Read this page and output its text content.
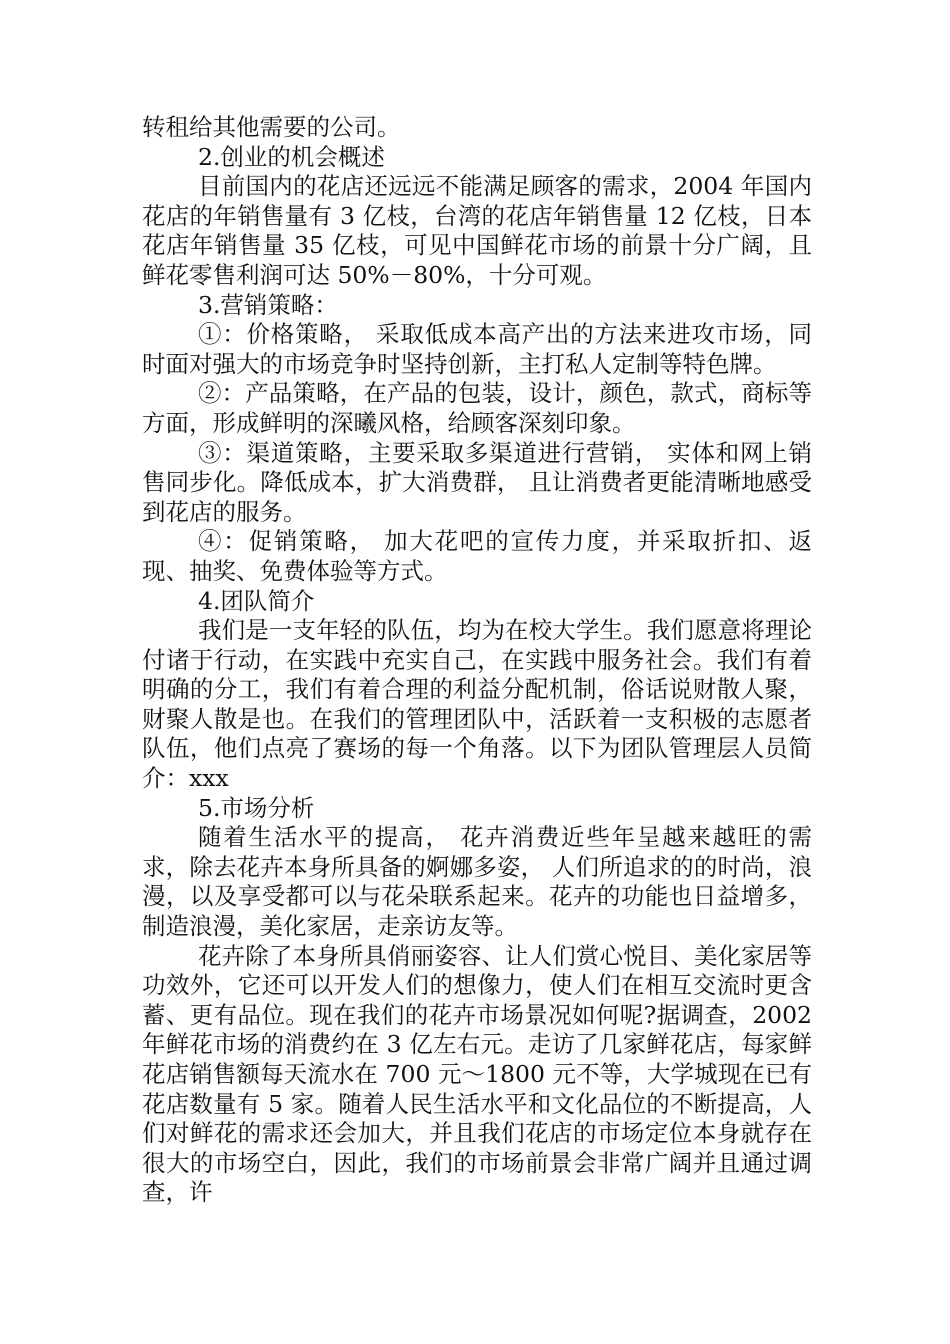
转租给其他需要的公司。

2.创业的机会概述

目前国内的花店还远远不能满足顾客的需求，2004 年国内花店的年销售量有 3 亿枝，台湾的花店年销售量 12 亿枝，日本花店年销售量 35 亿枝，可见中国鲜花市场的前景十分广阔，且鲜花零售利润可达 50%－80%，十分可观。

3.营销策略：

①：价格策略， 采取低成本高产出的方法来进攻市场，同时面对强大的市场竞争时坚持创新，主打私人定制等特色牌。

②：产品策略，在产品的包装，设计，颜色，款式，商标等方面，形成鲜明的深曦风格，给顾客深刻印象。

③：渠道策略，主要采取多渠道进行营销， 实体和网上销售同步化。降低成本，扩大消费群， 且让消费者更能清晰地感受到花店的服务。

④：促销策略， 加大花吧的宣传力度，并采取折扣、返现、抽奖、免费体验等方式。

4.团队简介

我们是一支年轻的队伍，均为在校大学生。我们愿意将理论付诸于行动，在实践中充实自己，在实践中服务社会。我们有着明确的分工，我们有着合理的利益分配机制，俗话说财散人聚，财聚人散是也。在我们的管理团队中，活跃着一支积极的志愿者队伍，他们点亮了赛场的每一个角落。以下为团队管理层人员简介：xxx

5.市场分析

随着生活水平的提高， 花卉消费近些年呈越来越旺的需求，除去花卉本身所具备的婀娜多姿， 人们所追求的的时尚，浪漫，以及享受都可以与花朵联系起来。花卉的功能也日益增多，制造浪漫，美化家居，走亲访友等。

花卉除了本身所具俏丽姿容、让人们赏心悦目、美化家居等功效外，它还可以开发人们的想像力，使人们在相互交流时更含蓄、更有品位。现在我们的花卉市场景况如何呢?据调查，2002 年鲜花市场的消费约在 3 亿左右元。走访了几家鲜花店，每家鲜花店销售额每天流水在 700 元～1800 元不等，大学城现在已有花店数量有 5 家。随着人民生活水平和文化品位的不断提高，人们对鲜花的需求还会加大，并且我们花店的市场定位本身就存在很大的市场空白，因此，我们的市场前景会非常广阔并且通过调查，许
